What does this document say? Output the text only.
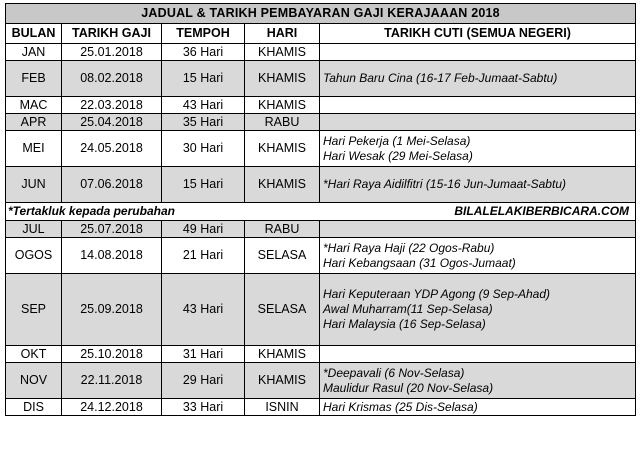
JADUAL & TARIKH PEMBAYARAN GAJI KERAJAAAN 2018				
BULAN	TARIKH GAJI	TEMPOH	HARI	TARIKH CUTI (SEMUA NEGERI)
JAN	25.01.2018	36 Hari	KHAMIS	
FEB	08.02.2018	15 Hari	KHAMIS	Tahun Baru Cina (16-17 Feb-Jumaat-Sabtu)

MAC	22.03.2018	43 Hari	KHAMIS	
APR	25.04.2018	35 Hari	RABU	
MEI	24.05.2018	30 Hari	KHAMIS	Hari Pekerja (1 Mei-Selasa)
Hari Wesak (29 Mei-Selasa)

JUN	07.06.2018	15 Hari	KHAMIS	*Hari Raya Aidilfitri (15-16 Jun-Jumaat-Sabtu)

*Tertakluk kepada perubahan BILALELAKIBERBICARA.COM				

JUL	25.07.2018	49 Hari	RABU	
OGOS	14.08.2018	21 Hari	SELASA	*Hari Raya Haji (22 Ogos-Rabu)
Hari Kebangsaan (31 Ogos-Jumaat)

SEP	25.09.2018	43 Hari	SELASA	Hari Keputeraan YDP Agong (9 Sep-Ahad)
Awal Muharram(11 Sep-Selasa)
Hari Malaysia (16 Sep-Selasa)

OKT	25.10.2018	31 Hari	KHAMIS	
NOV	22.11.2018	29 Hari	KHAMIS	*Deepavali (6 Nov-Selasa)
Maulidur Rasul (20 Nov-Selasa)

DIS	24.12.2018	33 Hari	ISNIN	Hari Krismas (25 Dis-Selasa)
